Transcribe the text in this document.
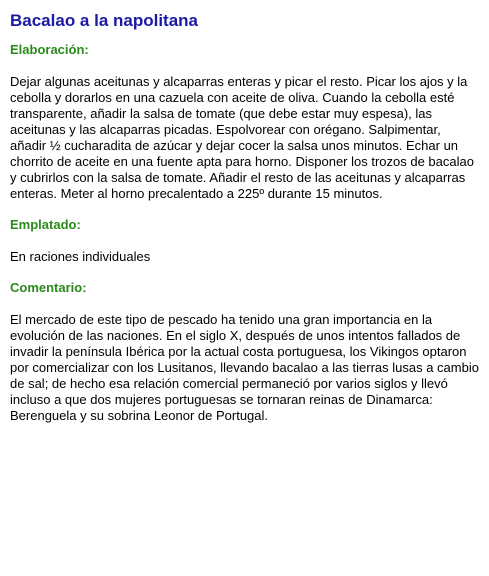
Bacalao a la napolitana
Elaboración:

Dejar algunas aceitunas y alcaparras enteras y picar el resto. Picar los ajos y la cebolla y dorarlos en una cazuela con aceite de oliva. Cuando la cebolla esté transparente, añadir la salsa de tomate (que debe estar muy espesa), las aceitunas y las alcaparras picadas. Espolvorear con orégano. Salpimentar, añadir ½ cucharadita de azúcar y dejar cocer la salsa unos minutos. Echar un chorrito de aceite en una fuente apta para horno. Disponer los trozos de bacalao y cubrirlos con la salsa de tomate. Añadir el resto de las aceitunas y alcaparras enteras. Meter al horno precalentado a 225º durante 15 minutos.

Emplatado:

En raciones individuales

Comentario:

El mercado de este tipo de pescado ha tenido una gran importancia en la evolución de las naciones. En el siglo X, después de unos intentos fallados de invadir la península Ibérica por la actual costa portuguesa, los Vikingos optaron por comercializar con los Lusitanos, llevando bacalao a las tierras lusas a cambio de sal; de hecho esa relación comercial permaneció por varios siglos y llevó incluso a que dos mujeres portuguesas se tornaran reinas de Dinamarca: Berenguela y su sobrina Leonor de Portugal.
